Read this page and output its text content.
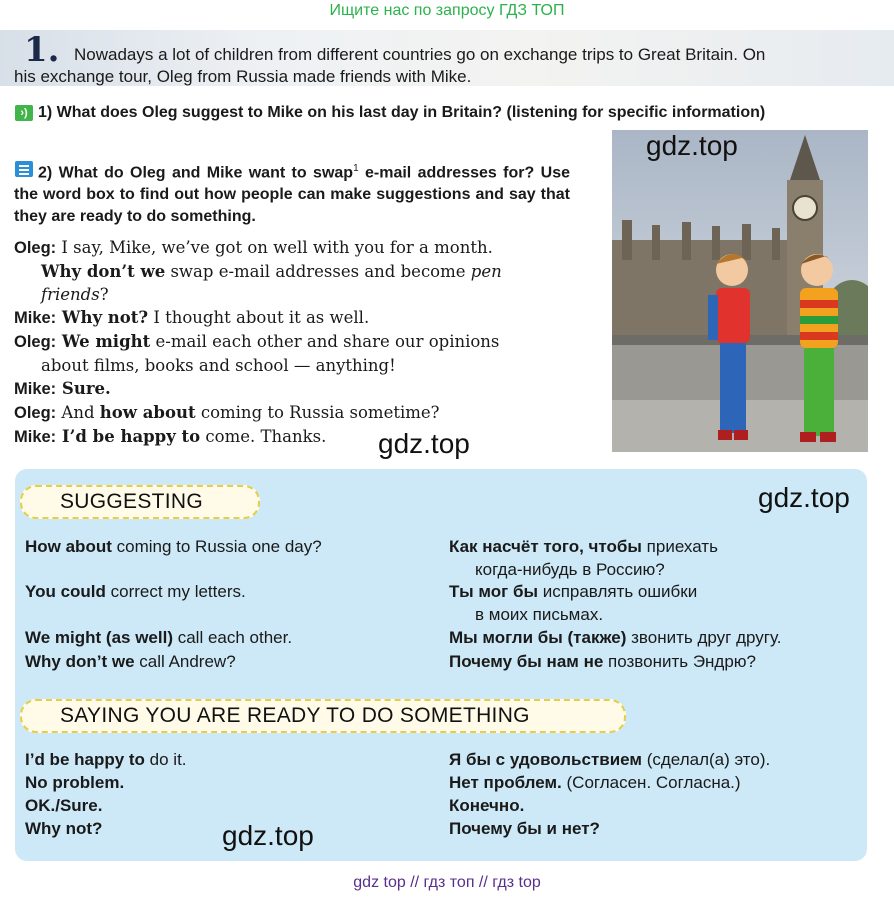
Ищите нас по запросу ГДЗ ТОП
1. Nowadays a lot of children from different countries go on exchange trips to Great Britain. On his exchange tour, Oleg from Russia made friends with Mike.
›) 1) What does Oleg suggest to Mike on his last day in Britain? (listening for specific information)
2) What do Oleg and Mike want to swap$^1$ e-mail addresses for? Use the word box to find out how people can make suggestions and say that they are ready to do something.
Oleg: I say, Mike, we’ve got on well with you for a month.
Why don’t we swap e-mail addresses and become pen friends?
Mike: Why not? I thought about it as well.
Oleg: We might e-mail each other and share our opinions
about films, books and school — anything!
Mike: Sure.
Oleg: And how about coming to Russia sometime?
Mike: I’d be happy to come. Thanks.
gdz.top
gdz.top
gdz.top
SUGGESTING
SAYING YOU ARE READY TO DO SOMETHING
How about coming to Russia one day?
You could correct my letters.
We might (as well) call each other.
Why don’t we call Andrew?
Как насчёт того, чтобы приехать
когда-нибудь в Россию?
Ты мог бы исправлять ошибки
в моих письмах.
Мы могли бы (также) звонить друг другу.
Почему бы нам не позвонить Эндрю?
I’d be happy to do it.
No problem.
OK./Sure.
Why not?
Я бы с удовольствием (сделал(а) это).
Нет проблем. (Согласен. Согласна.)
Конечно.
Почему бы и нет?
gdz.top
gdz top // гдз топ // гдз top
